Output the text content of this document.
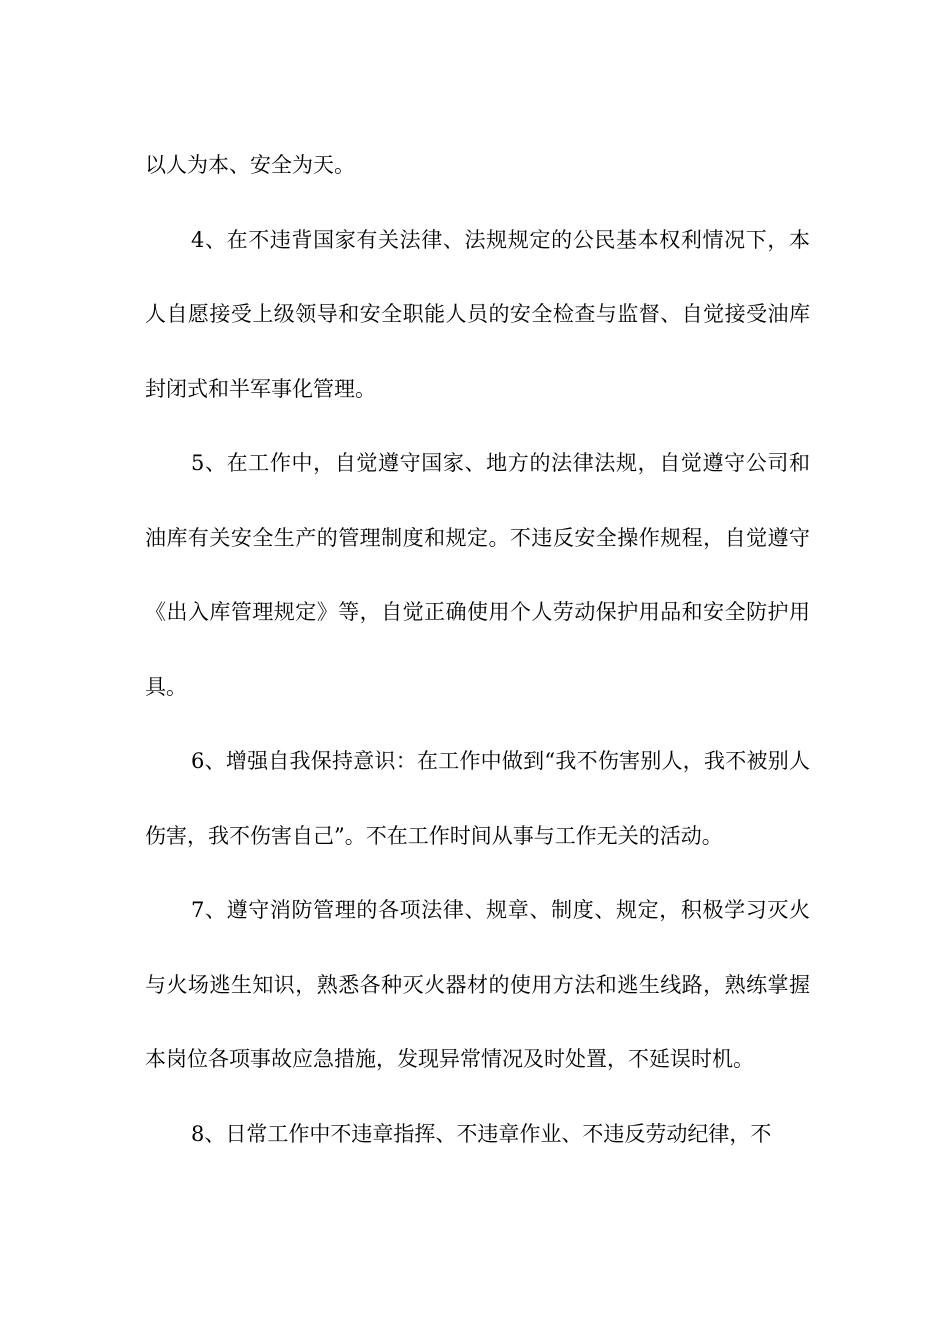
以人为本、安全为天。

4、在不违背国家有关法律、法规规定的公民基本权利情况下，本人自愿接受上级领导和安全职能人员的安全检查与监督、自觉接受油库封闭式和半军事化管理。

5、在工作中，自觉遵守国家、地方的法律法规，自觉遵守公司和油库有关安全生产的管理制度和规定。不违反安全操作规程，自觉遵守《出入库管理规定》等，自觉正确使用个人劳动保护用品和安全防护用具。

6、增强自我保持意识：在工作中做到“我不伤害别人，我不被别人伤害，我不伤害自己”。不在工作时间从事与工作无关的活动。

7、遵守消防管理的各项法律、规章、制度、规定，积极学习灭火与火场逃生知识，熟悉各种灭火器材的使用方法和逃生线路，熟练掌握本岗位各项事故应急措施，发现异常情况及时处置，不延误时机。

8、日常工作中不违章指挥、不违章作业、不违反劳动纪律，不
